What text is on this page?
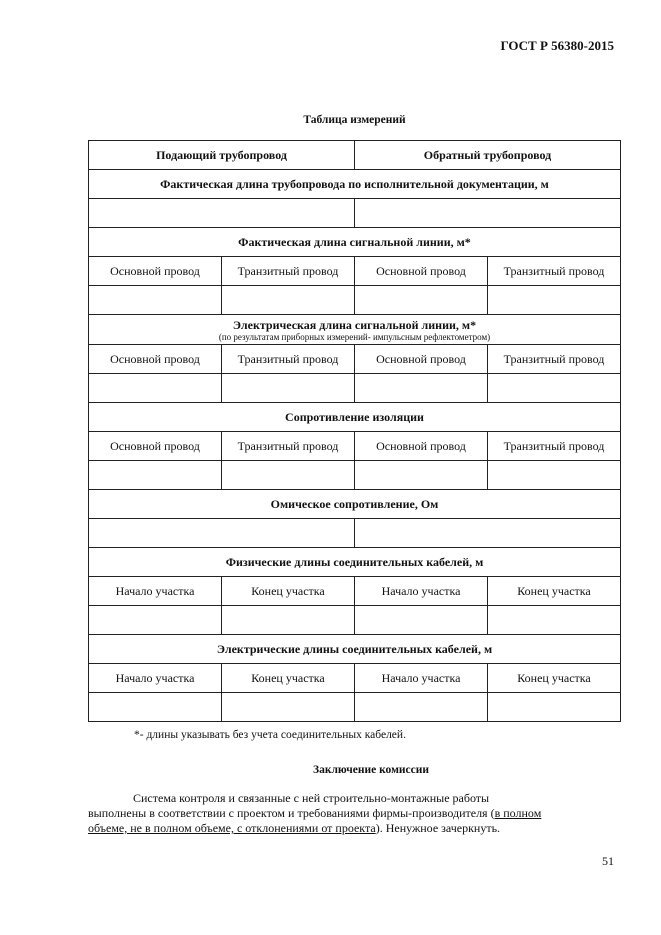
ГОСТ Р 56380-2015
Таблица измерений
Подающий трубопровод		Обратный трубопровод	
Фактическая длина трубопровода по исполнительной документации, м			

Фактическая длина сигнальной линии, м*			
Основной провод	Транзитный провод	Основной провод	Транзитный провод

Электрическая длина сигнальной линии, м*
(по результатам приборных измерений- импульсным рефлектометром)			

Основной провод	Транзитный провод	Основной провод	Транзитный провод

Сопротивление изоляции			
Основной провод	Транзитный провод	Основной провод	Транзитный провод

Омическое сопротивление, Ом			

Физические длины соединительных кабелей, м			
Начало участка	Конец участка	Начало участка	Конец участка

Электрические длины соединительных кабелей, м			
Начало участка	Конец участка	Начало участка	Конец участка

*- длины указывать без учета соединительных кабелей.
Заключение комиссии
Система контроля и связанные с ней строительно-монтажные работы
выполнены в соответствии с проектом и требованиями фирмы-производителя (в полном
объеме, не в полном объеме, с отклонениями от проекта). Ненужное зачеркнуть.
51
